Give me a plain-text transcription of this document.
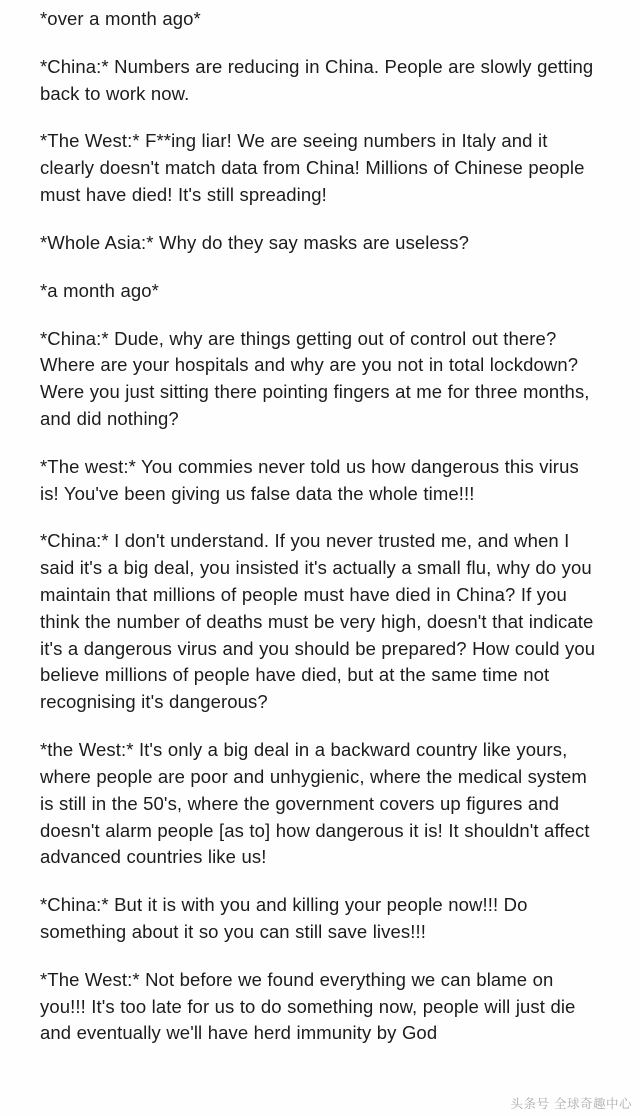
*over a month ago*

*China:* Numbers are reducing in China. People are slowly getting back to work now.

*The West:* F**ing liar! We are seeing numbers in Italy and it clearly doesn't match data from China! Millions of Chinese people must have died! It's still spreading!

*Whole Asia:* Why do they say masks are useless?

*a month ago*

*China:* Dude, why are things getting out of control out there? Where are your hospitals and why are you not in total lockdown? Were you just sitting there pointing fingers at me for three months, and did nothing?

*The west:* You commies never told us how dangerous this virus is! You've been giving us false data the whole time!!!

*China:* I don't understand. If you never trusted me, and when I said it's a big deal, you insisted it's actually a small flu, why do you maintain that millions of people must have died in China? If you think the number of deaths must be very high, doesn't that indicate it's a dangerous virus and you should be prepared? How could you believe millions of people have died, but at the same time not recognising it's dangerous?

*the West:* It's only a big deal in a backward country like yours, where people are poor and unhygienic, where the medical system is still in the 50's, where the government covers up figures and doesn't alarm people [as to] how dangerous it is! It shouldn't affect advanced countries like us!

*China:* But it is with you and killing your people now!!! Do something about it so you can still save lives!!!

*The West:* Not before we found everything we can blame on you!!! It's too late for us to do something now, people will just die and eventually we'll have herd immunity by God

头条号 全球奇趣中心
